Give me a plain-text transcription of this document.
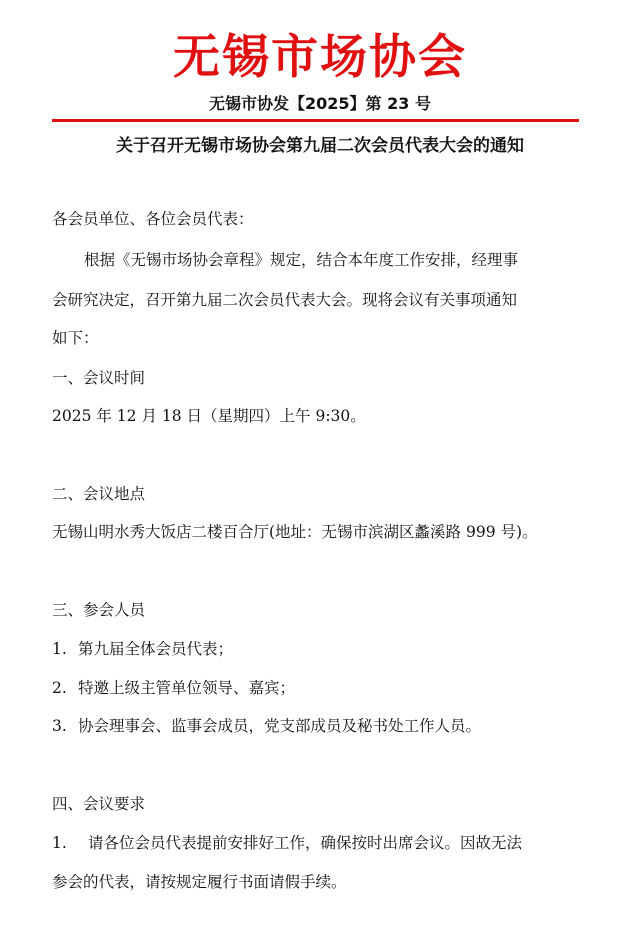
无锡市场协会
无锡市协发【2025】第 23 号
关于召开无锡市场协会第九届二次会员代表大会的通知
各会员单位、各位会员代表：
根据《无锡市场协会章程》规定，结合本年度工作安排，经理事
会研究决定，召开第九届二次会员代表大会。现将会议有关事项通知
如下：
一、会议时间
2025 年 12 月 18 日（星期四）上午 9:30。
二、会议地点
无锡山明水秀大饭店二楼百合厅(地址：无锡市滨湖区蠡溪路 999 号)。
三、参会人员
1. 第九届全体会员代表；
2. 特邀上级主管单位领导、嘉宾；
3. 协会理事会、监事会成员，党支部成员及秘书处工作人员。
四、会议要求
1. 请各位会员代表提前安排好工作，确保按时出席会议。因故无法
参会的代表，请按规定履行书面请假手续。
